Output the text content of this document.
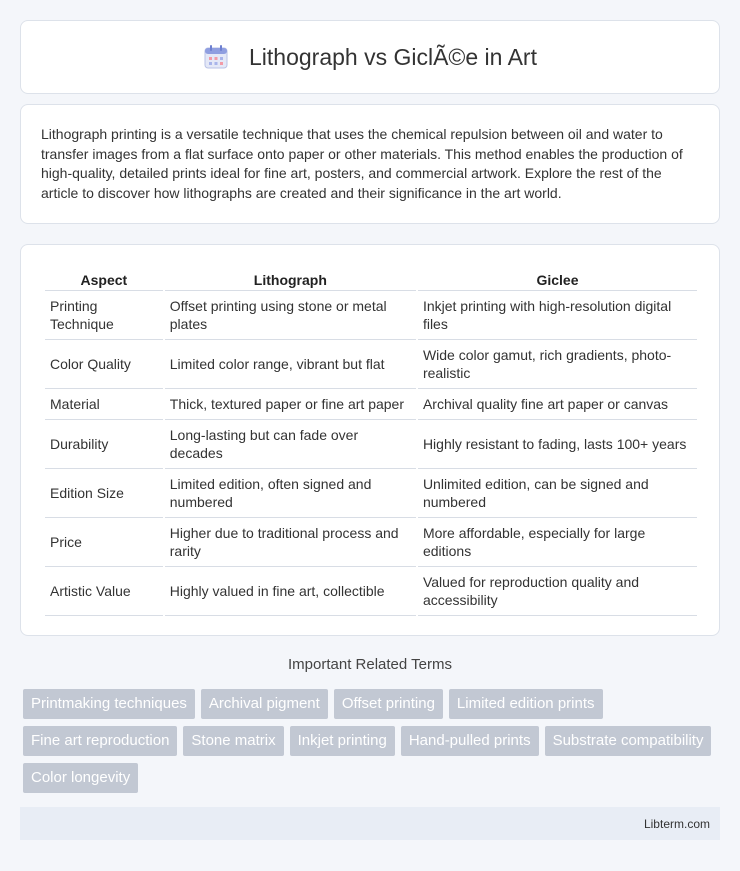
Lithograph vs GiclÃ©e in Art

Lithograph printing is a versatile technique that uses the chemical repulsion between oil and water to transfer images from a flat surface onto paper or other materials. This method enables the production of high-quality, detailed prints ideal for fine art, posters, and commercial artwork. Explore the rest of the article to discover how lithographs are created and their significance in the art world.

Aspect	Lithograph	Giclee
Printing Technique	Offset printing using stone or metal plates	Inkjet printing with high-resolution digital files
Color Quality	Limited color range, vibrant but flat	Wide color gamut, rich gradients, photo-realistic
Material	Thick, textured paper or fine art paper	Archival quality fine art paper or canvas
Durability	Long-lasting but can fade over decades	Highly resistant to fading, lasts 100+ years
Edition Size	Limited edition, often signed and numbered	Unlimited edition, can be signed and numbered
Price	Higher due to traditional process and rarity	More affordable, especially for large editions
Artistic Value	Highly valued in fine art, collectible	Valued for reproduction quality and accessibility
Important Related Terms
Printmaking techniques	Archival pigment	Offset printing	Limited edition prints
Fine art reproduction	Stone matrix	Inkjet printing	Hand-pulled prints	Substrate compatibility
Color longevity
Libterm.com
